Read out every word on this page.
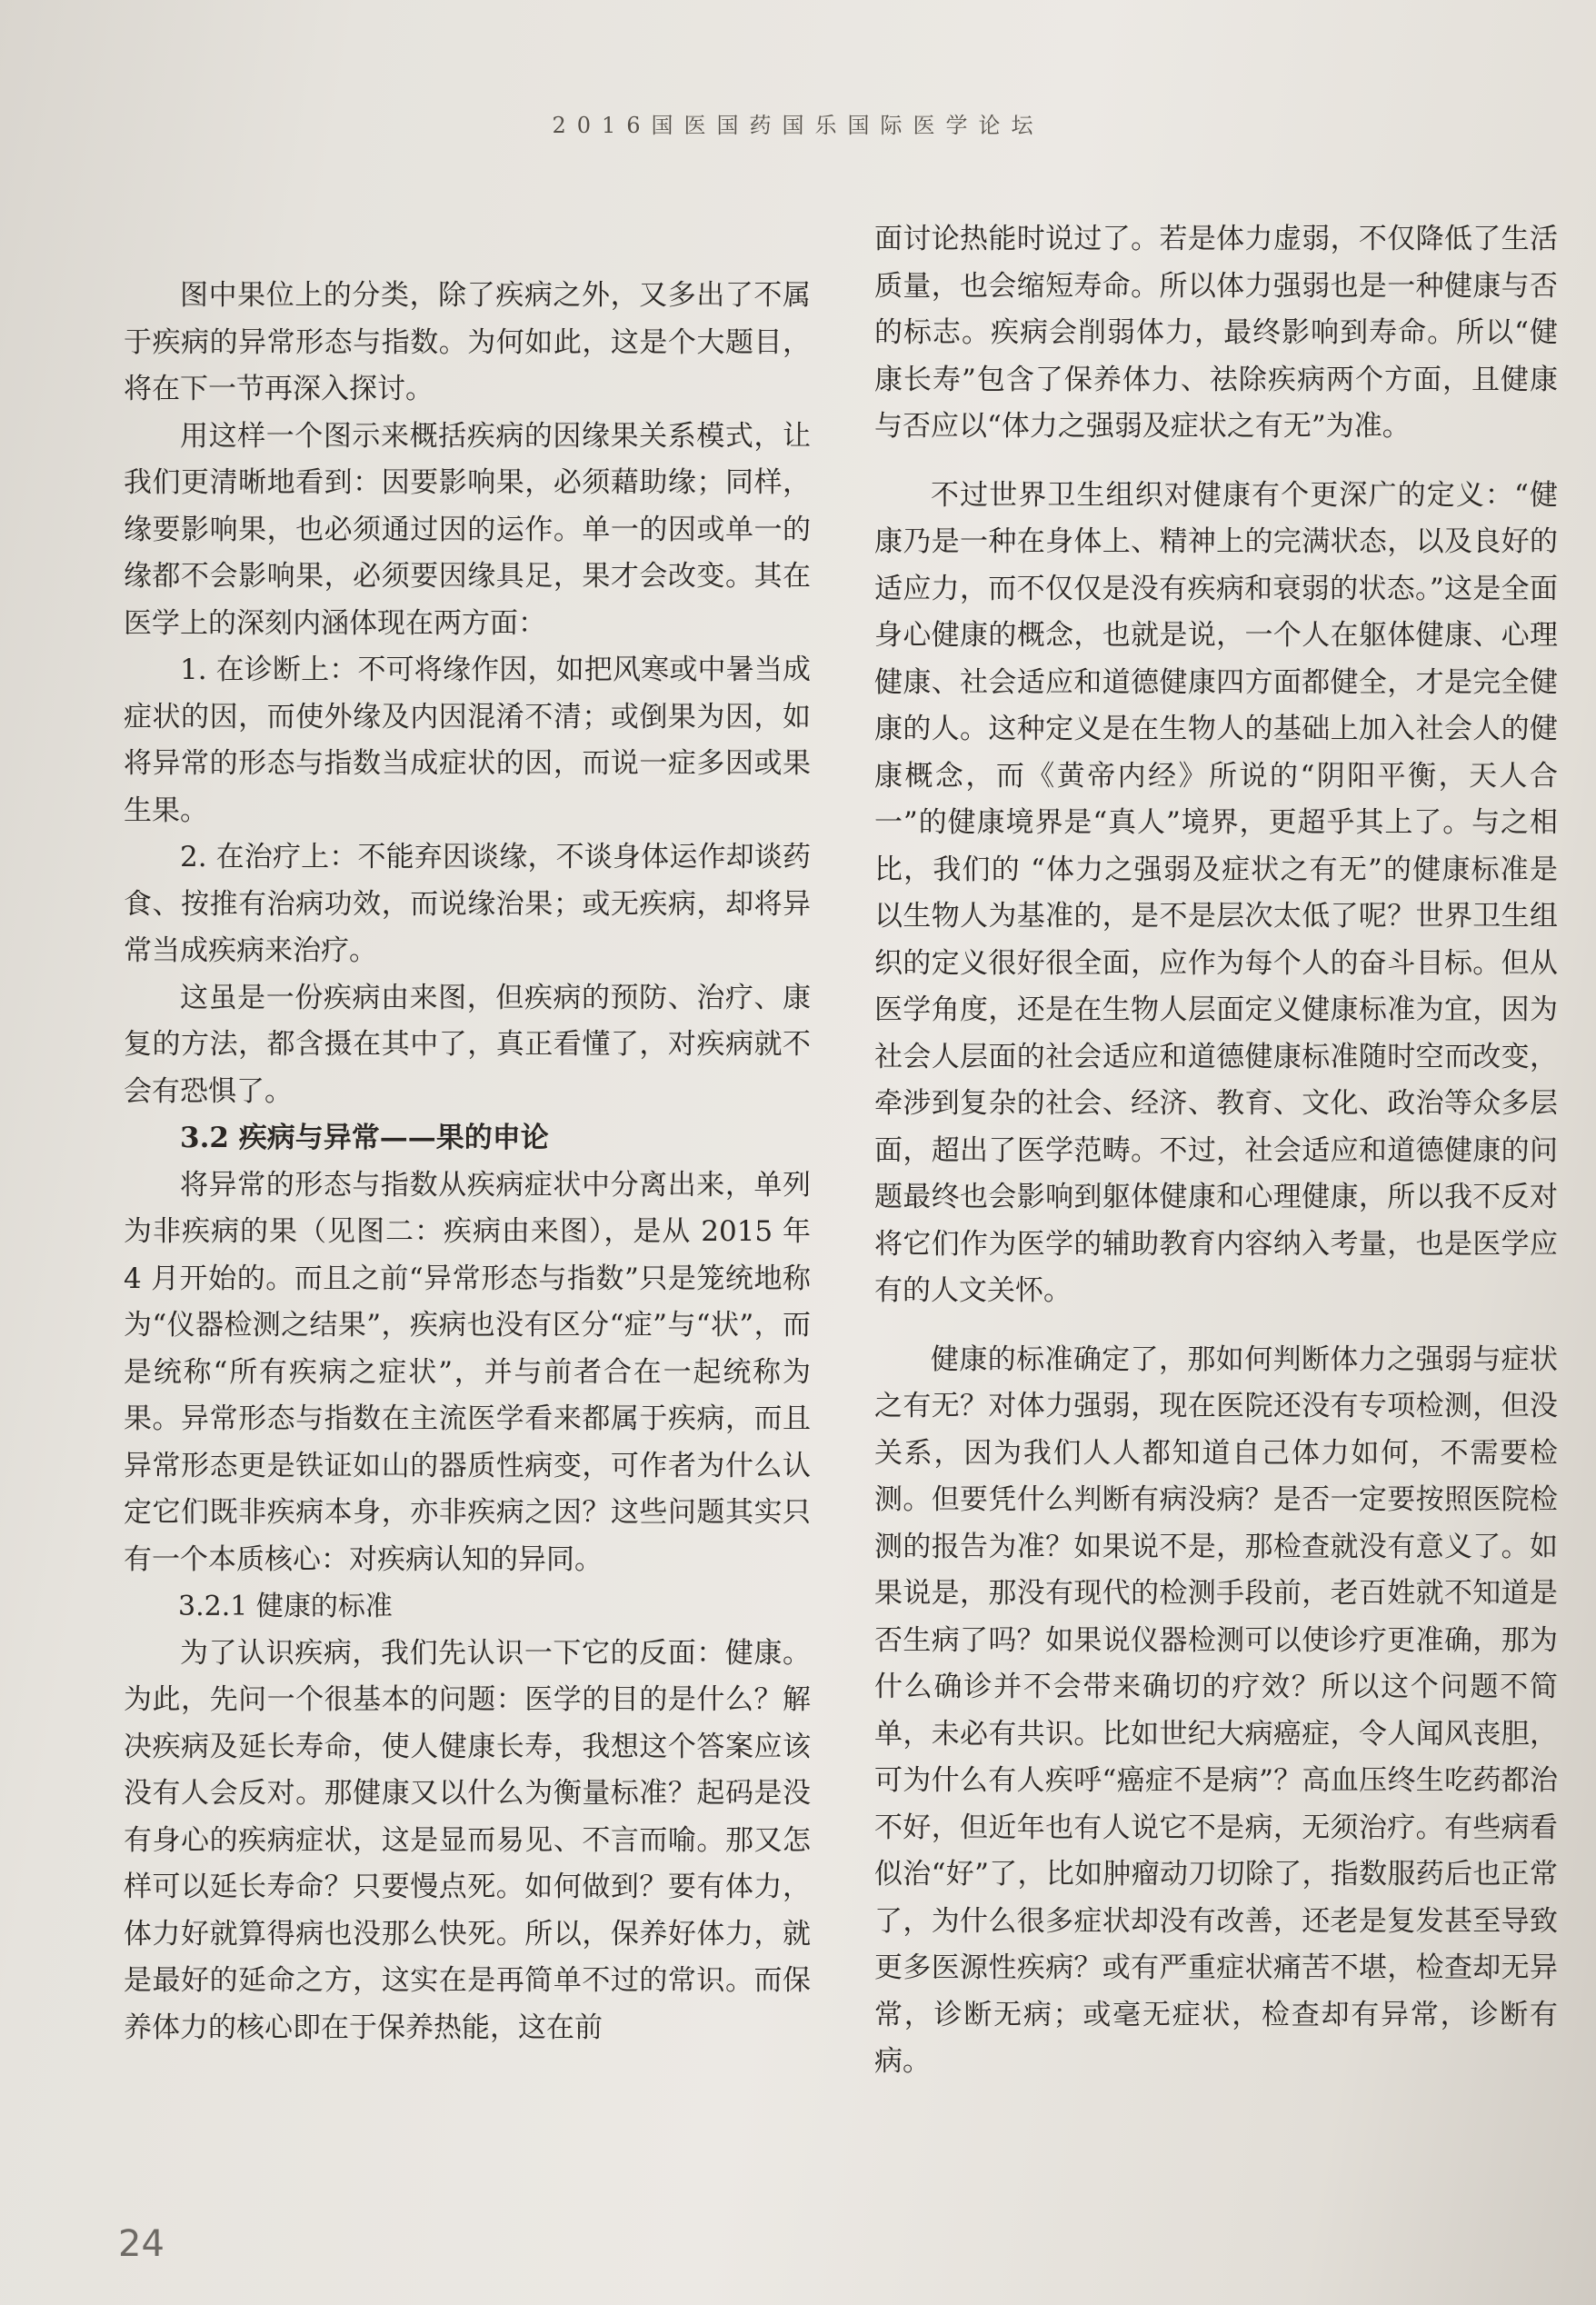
2016国医国药国乐国际医学论坛

图中果位上的分类，除了疾病之外，又多出了不属于疾病的异常形态与指数。为何如此，这是个大题目，将在下一节再深入探讨。

用这样一个图示来概括疾病的因缘果关系模式，让我们更清晰地看到：因要影响果，必须藉助缘；同样，缘要影响果，也必须通过因的运作。单一的因或单一的缘都不会影响果，必须要因缘具足，果才会改变。其在医学上的深刻内涵体现在两方面：

1. 在诊断上：不可将缘作因，如把风寒或中暑当成症状的因，而使外缘及内因混淆不清；或倒果为因，如将异常的形态与指数当成症状的因，而说一症多因或果生果。

2. 在治疗上：不能弃因谈缘，不谈身体运作却谈药食、按推有治病功效，而说缘治果；或无疾病，却将异常当成疾病来治疗。

这虽是一份疾病由来图，但疾病的预防、治疗、康复的方法，都含摄在其中了，真正看懂了，对疾病就不会有恐惧了。

3.2 疾病与异常——果的申论

将异常的形态与指数从疾病症状中分离出来，单列为非疾病的果（见图二：疾病由来图），是从 2015 年 4 月开始的。而且之前“异常形态与指数”只是笼统地称为“仪器检测之结果”，疾病也没有区分“症”与“状”，而是统称“所有疾病之症状”，并与前者合在一起统称为果。异常形态与指数在主流医学看来都属于疾病，而且异常形态更是铁证如山的器质性病变，可作者为什么认定它们既非疾病本身，亦非疾病之因？这些问题其实只有一个本质核心：对疾病认知的异同。

3.2.1 健康的标准

为了认识疾病，我们先认识一下它的反面：健康。为此，先问一个很基本的问题：医学的目的是什么？解决疾病及延长寿命，使人健康长寿，我想这个答案应该没有人会反对。那健康又以什么为衡量标准？起码是没有身心的疾病症状，这是显而易见、不言而喻。那又怎样可以延长寿命？只要慢点死。如何做到？要有体力，体力好就算得病也没那么快死。所以，保养好体力，就是最好的延命之方，这实在是再简单不过的常识。而保养体力的核心即在于保养热能，这在前

面讨论热能时说过了。若是体力虚弱，不仅降低了生活质量，也会缩短寿命。所以体力强弱也是一种健康与否的标志。疾病会削弱体力，最终影响到寿命。所以“健康长寿”包含了保养体力、祛除疾病两个方面，且健康与否应以“体力之强弱及症状之有无”为准。

不过世界卫生组织对健康有个更深广的定义：“健康乃是一种在身体上、精神上的完满状态，以及良好的适应力，而不仅仅是没有疾病和衰弱的状态。”这是全面身心健康的概念，也就是说，一个人在躯体健康、心理健康、社会适应和道德健康四方面都健全，才是完全健康的人。这种定义是在生物人的基础上加入社会人的健康概念，而《黄帝内经》所说的“阴阳平衡，天人合一”的健康境界是“真人”境界，更超乎其上了。与之相比，我们的 “体力之强弱及症状之有无”的健康标准是以生物人为基准的，是不是层次太低了呢？世界卫生组织的定义很好很全面，应作为每个人的奋斗目标。但从医学角度，还是在生物人层面定义健康标准为宜，因为社会人层面的社会适应和道德健康标准随时空而改变，牵涉到复杂的社会、经济、教育、文化、政治等众多层面，超出了医学范畴。不过，社会适应和道德健康的问题最终也会影响到躯体健康和心理健康，所以我不反对将它们作为医学的辅助教育内容纳入考量，也是医学应有的人文关怀。

健康的标准确定了，那如何判断体力之强弱与症状之有无？对体力强弱，现在医院还没有专项检测，但没关系，因为我们人人都知道自己体力如何，不需要检测。但要凭什么判断有病没病？是否一定要按照医院检测的报告为准？如果说不是，那检查就没有意义了。如果说是，那没有现代的检测手段前，老百姓就不知道是否生病了吗？如果说仪器检测可以使诊疗更准确，那为什么确诊并不会带来确切的疗效？所以这个问题不简单，未必有共识。比如世纪大病癌症，令人闻风丧胆，可为什么有人疾呼“癌症不是病”？高血压终生吃药都治不好，但近年也有人说它不是病，无须治疗。有些病看似治“好”了，比如肿瘤动刀切除了，指数服药后也正常了，为什么很多症状却没有改善，还老是复发甚至导致更多医源性疾病？或有严重症状痛苦不堪，检查却无异常，诊断无病；或毫无症状，检查却有异常，诊断有病。

24
